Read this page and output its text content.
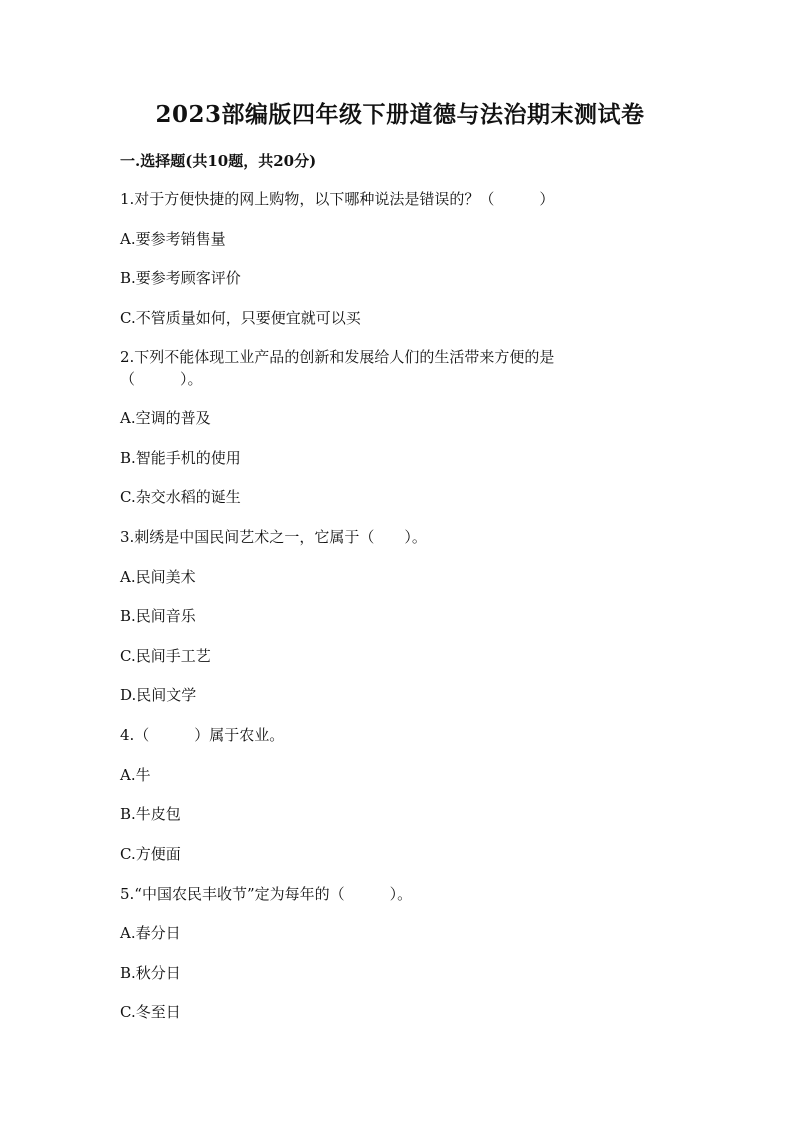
2023部编版四年级下册道德与法治期末测试卷
一.选择题(共10题，共20分)
1.对于方便快捷的网上购物，以下哪种说法是错误的？（　　　）
A.要参考销售量
B.要参考顾客评价
C.不管质量如何，只要便宜就可以买
2.下列不能体现工业产品的创新和发展给人们的生活带来方便的是
（　　　）。
A.空调的普及
B.智能手机的使用
C.杂交水稻的诞生
3.刺绣是中国民间艺术之一，它属于（　　）。
A.民间美术
B.民间音乐
C.民间手工艺
D.民间文学
4.（　　　）属于农业。
A.牛
B.牛皮包
C.方便面
5.“中国农民丰收节”定为每年的（　　　）。
A.春分日
B.秋分日
C.冬至日
